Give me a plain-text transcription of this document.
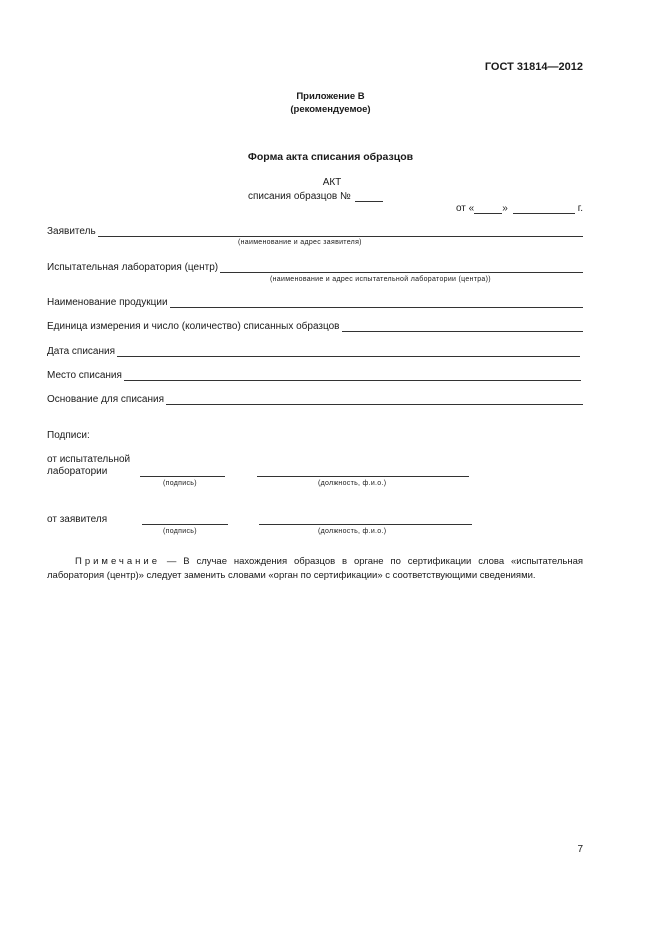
ГОСТ 31814—2012
Приложение В
(рекомендуемое)
Форма акта списания образцов
АКТ
списания образцов №
от «	»	г.
Заявитель
(наименование и адрес заявителя)
Испытательная лаборатория (центр)
(наименование и адрес испытательной лаборатории (центра))
Наименование продукции
Единица измерения и число (количество) списанных образцов
Дата списания
Место списания
Основание для списания
Подписи:
от испытательной
лаборатории
(подпись)	(должность, ф.и.о.)
от заявителя
(подпись)	(должность, ф.и.о.)
Примечание — В случае нахождения образцов в органе по сертификации слова «испытательная лаборатория (центр)» следует заменить словами «орган по сертификации» с соответствующими сведениями.
7
